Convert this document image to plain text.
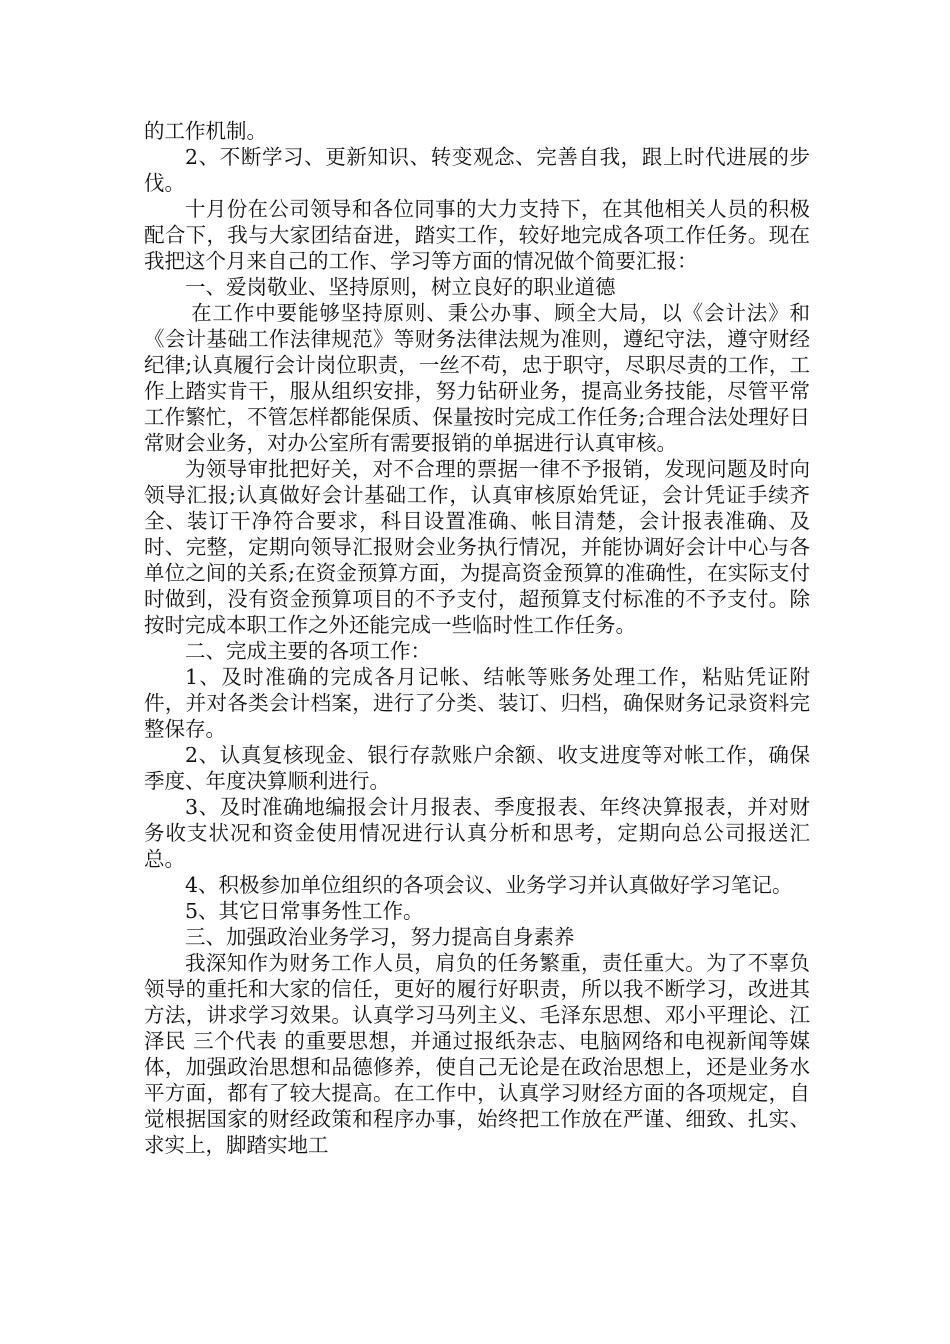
的工作机制。

2、不断学习、更新知识、转变观念、完善自我，跟上时代进展的步伐。

十月份在公司领导和各位同事的大力支持下，在其他相关人员的积极配合下，我与大家团结奋进，踏实工作，较好地完成各项工作任务。现在我把这个月来自己的工作、学习等方面的情况做个简要汇报：

一、爱岗敬业、坚持原则，树立良好的职业道德

在工作中要能够坚持原则、秉公办事、顾全大局，以《会计法》和《会计基础工作法律规范》等财务法律法规为准则，遵纪守法，遵守财经纪律;认真履行会计岗位职责，一丝不苟，忠于职守，尽职尽责的工作，工作上踏实肯干，服从组织安排，努力钻研业务，提高业务技能，尽管平常工作繁忙，不管怎样都能保质、保量按时完成工作任务;合理合法处理好日常财会业务，对办公室所有需要报销的单据进行认真审核。

为领导审批把好关，对不合理的票据一律不予报销，发现问题及时向领导汇报;认真做好会计基础工作，认真审核原始凭证，会计凭证手续齐全、装订干净符合要求，科目设置准确、帐目清楚，会计报表准确、及时、完整，定期向领导汇报财会业务执行情况，并能协调好会计中心与各单位之间的关系;在资金预算方面，为提高资金预算的准确性，在实际支付时做到，没有资金预算项目的不予支付，超预算支付标准的不予支付。除按时完成本职工作之外还能完成一些临时性工作任务。

二、完成主要的各项工作：

1、及时准确的完成各月记帐、结帐等账务处理工作，粘贴凭证附件，并对各类会计档案，进行了分类、装订、归档，确保财务记录资料完整保存。

2、认真复核现金、银行存款账户余额、收支进度等对帐工作，确保季度、年度决算顺利进行。

3、及时准确地编报会计月报表、季度报表、年终决算报表，并对财务收支状况和资金使用情况进行认真分析和思考，定期向总公司报送汇总。

4、积极参加单位组织的各项会议、业务学习并认真做好学习笔记。

5、其它日常事务性工作。

三、加强政治业务学习，努力提高自身素养

我深知作为财务工作人员，肩负的任务繁重，责任重大。为了不辜负领导的重托和大家的信任，更好的履行好职责，所以我不断学习，改进其方法，讲求学习效果。认真学习马列主义、毛泽东思想、邓小平理论、江泽民 三个代表 的重要思想，并通过报纸杂志、电脑网络和电视新闻等媒体，加强政治思想和品德修养，使自己无论是在政治思想上，还是业务水平方面，都有了较大提高。在工作中，认真学习财经方面的各项规定，自觉根据国家的财经政策和程序办事，始终把工作放在严谨、细致、扎实、求实上，脚踏实地工
